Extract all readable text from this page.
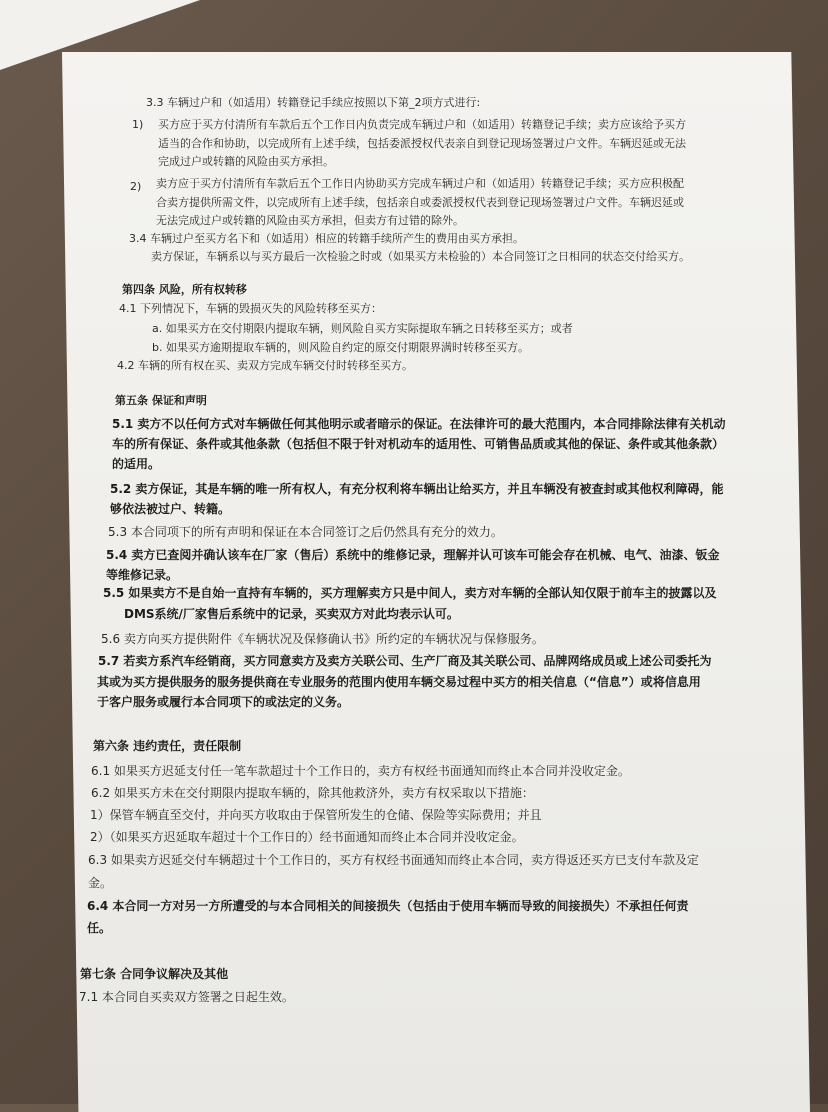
3.3 车辆过户和（如适用）转籍登记手续应按照以下第_2项方式进行:
1) 买方应于买方付清所有车款后五个工作日内负责完成车辆过户和（如适用）转籍登记手续；卖方应该给予买方
适当的合作和协助，以完成所有上述手续，包括委派授权代表亲自到登记现场签署过户文件。车辆迟延或无法
完成过户或转籍的风险由买方承担。
2) 卖方应于买方付清所有车款后五个工作日内协助买方完成车辆过户和（如适用）转籍登记手续；买方应积极配
合卖方提供所需文件，以完成所有上述手续，包括亲自或委派授权代表到登记现场签署过户文件。车辆迟延或
无法完成过户或转籍的风险由买方承担，但卖方有过错的除外。
3.4 车辆过户至买方名下和（如适用）相应的转籍手续所产生的费用由买方承担。
卖方保证，车辆系以与买方最后一次检验之时或（如果买方未检验的）本合同签订之日相同的状态交付给买方。
第四条 风险，所有权转移
4.1 下列情况下，车辆的毁损灭失的风险转移至买方：
a. 如果买方在交付期限内提取车辆，则风险自买方实际提取车辆之日转移至买方；或者
b. 如果买方逾期提取车辆的，则风险自约定的原交付期限界满时转移至买方。
4.2 车辆的所有权在买、卖双方完成车辆交付时转移至买方。
第五条 保证和声明
5.1 卖方不以任何方式对车辆做任何其他明示或者暗示的保证。在法律许可的最大范围内，本合同排除法律有关机动
车的所有保证、条件或其他条款（包括但不限于针对机动车的适用性、可销售品质或其他的保证、条件或其他条款）
的适用。
5.2 卖方保证，其是车辆的唯一所有权人，有充分权利将车辆出让给买方，并且车辆没有被查封或其他权利障碍，能
够依法被过户、转籍。
5.3 本合同项下的所有声明和保证在本合同签订之后仍然具有充分的效力。
5.4 卖方已查阅并确认该车在厂家（售后）系统中的维修记录，理解并认可该车可能会存在机械、电气、油漆、钣金
等维修记录。
5.5 如果卖方不是自始一直持有车辆的，买方理解卖方只是中间人，卖方对车辆的全部认知仅限于前车主的披露以及
DMS系统/厂家售后系统中的记录，买卖双方对此均表示认可。
5.6 卖方向买方提供附件《车辆状况及保修确认书》所约定的车辆状况与保修服务。
5.7 若卖方系汽车经销商，买方同意卖方及卖方关联公司、生产厂商及其关联公司、品牌网络成员或上述公司委托为
其或为买方提供服务的服务提供商在专业服务的范围内使用车辆交易过程中买方的相关信息（“信息”）或将信息用
于客户服务或履行本合同项下的或法定的义务。
第六条 违约责任，责任限制
6.1 如果买方迟延支付任一笔车款超过十个工作日的，卖方有权经书面通知而终止本合同并没收定金。
6.2 如果买方未在交付期限内提取车辆的，除其他救济外，卖方有权采取以下措施：
1）保管车辆直至交付，并向买方收取由于保管所发生的仓储、保险等实际费用；并且
2）（如果买方迟延取车超过十个工作日的）经书面通知而终止本合同并没收定金。
6.3 如果卖方迟延交付车辆超过十个工作日的，买方有权经书面通知而终止本合同，卖方得返还买方已支付车款及定
金。
6.4 本合同一方对另一方所遭受的与本合同相关的间接损失（包括由于使用车辆而导致的间接损失）不承担任何责
任。
第七条 合同争议解决及其他
7.1 本合同自买卖双方签署之日起生效。
